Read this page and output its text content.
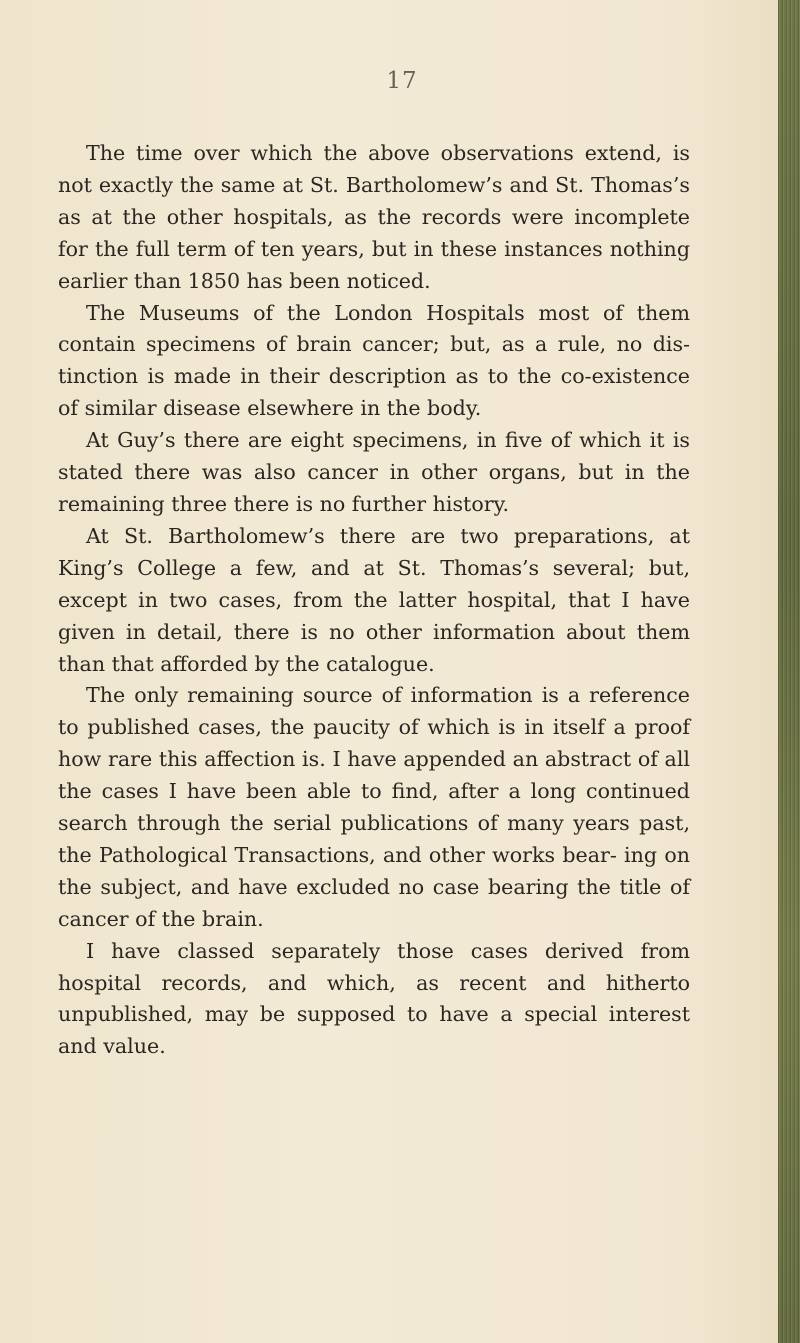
17

The time over which the above observations extend, is not exactly the same at St. Bartholomew’s and St. Thomas’s as at the other hospitals, as the records were incomplete for the full term of ten years, but in these instances nothing earlier than 1850 has been noticed.

The Museums of the London Hospitals most of them contain specimens of brain cancer; but, as a rule, no dis- tinction is made in their description as to the co-existence of similar disease elsewhere in the body.

At Guy’s there are eight specimens, in five of which it is stated there was also cancer in other organs, but in the remaining three there is no further history.

At St. Bartholomew’s there are two preparations, at King’s College a few, and at St. Thomas’s several; but, except in two cases, from the latter hospital, that I have given in detail, there is no other information about them than that afforded by the catalogue.

The only remaining source of information is a reference to published cases, the paucity of which is in itself a proof how rare this affection is. I have appended an abstract of all the cases I have been able to find, after a long continued search through the serial publications of many years past, the Pathological Transactions, and other works bear- ing on the subject, and have excluded no case bearing the title of cancer of the brain.

I have classed separately those cases derived from hospital records, and which, as recent and hitherto unpublished, may be supposed to have a special interest and value.
